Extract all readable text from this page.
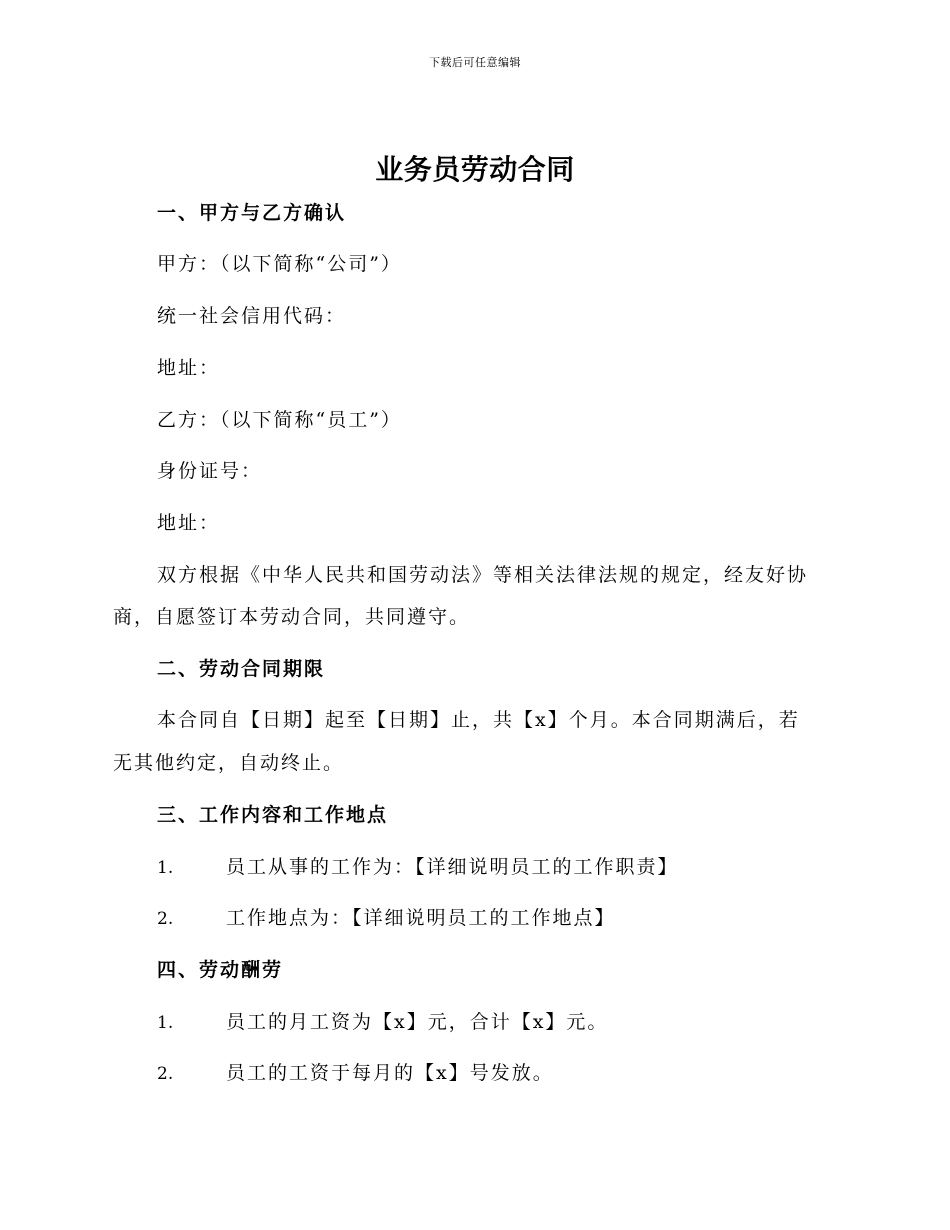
下载后可任意编辑
业务员劳动合同
一、甲方与乙方确认
甲方：（以下简称“公司”）
统一社会信用代码：
地址：
乙方：（以下简称“员工”）
身份证号：
地址：
双方根据《中华人民共和国劳动法》等相关法律法规的规定，经友好协
商，自愿签订本劳动合同，共同遵守。
二、劳动合同期限
本合同自【日期】起至【日期】止，共【x】个月。本合同期满后，若
无其他约定，自动终止。
三、工作内容和工作地点
1.	员工从事的工作为：【详细说明员工的工作职责】
2.	工作地点为：【详细说明员工的工作地点】
四、劳动酬劳
1.	员工的月工资为【x】元，合计【x】元。
2.	员工的工资于每月的【x】号发放。
